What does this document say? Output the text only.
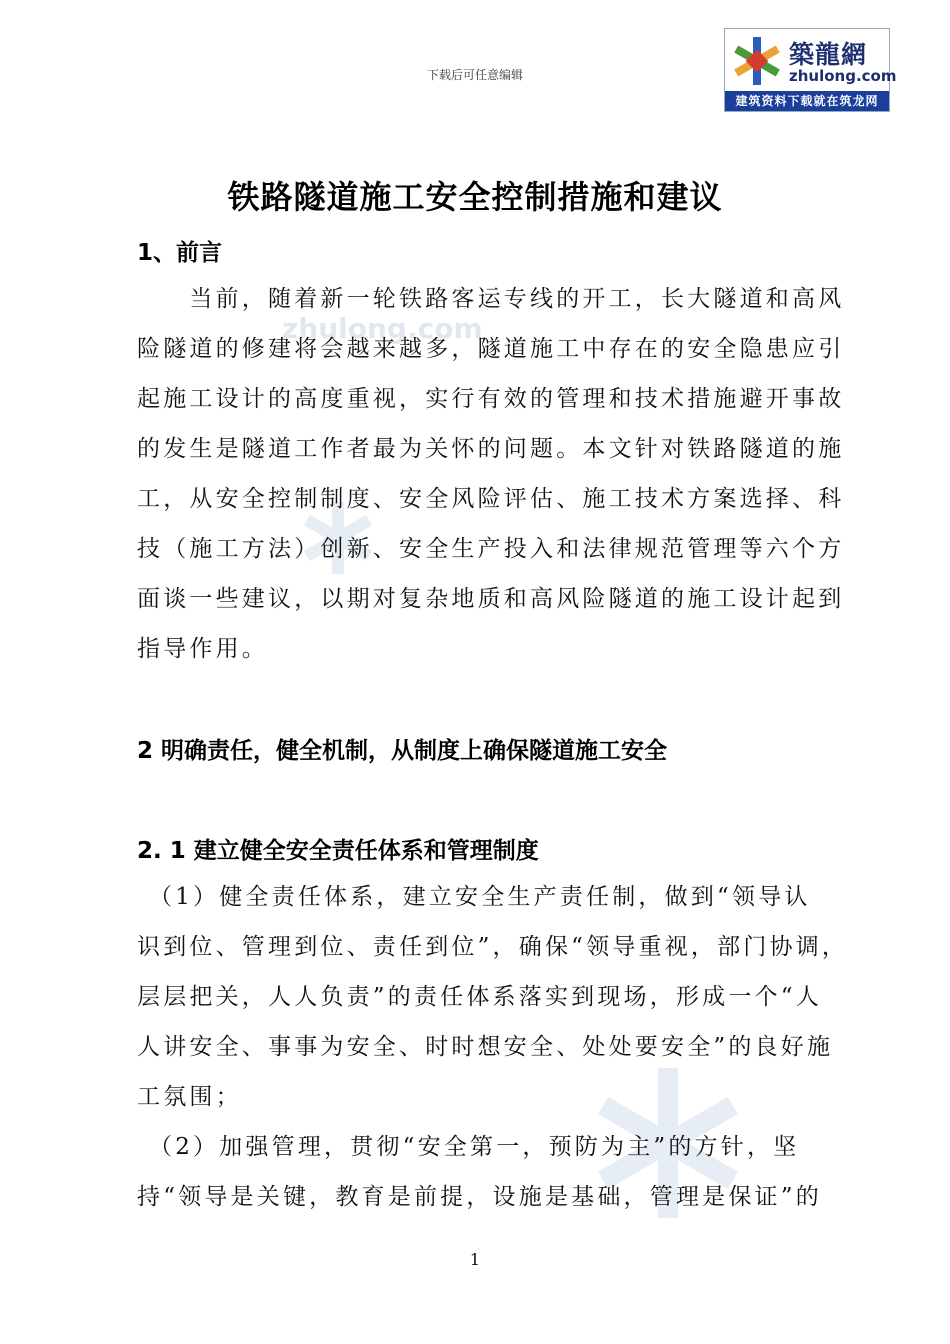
zhulong.com
下载后可任意编辑
築龍網
zhulong.com
建筑资料下载就在筑龙网
铁路隧道施工安全控制措施和建议
1、前言

　　当前，随着新一轮铁路客运专线的开工，长大隧道和高风

险隧道的修建将会越来越多，隧道施工中存在的安全隐患应引

起施工设计的高度重视，实行有效的管理和技术措施避开事故

的发生是隧道工作者最为关怀的问题。本文针对铁路隧道的施

工，从安全控制制度、安全风险评估、施工技术方案选择、科

技（施工方法）创新、安全生产投入和法律规范管理等六个方

面谈一些建议，以期对复杂地质和高风险隧道的施工设计起到

指导作用。

2 明确责任，健全机制，从制度上确保隧道施工安全
2. 1 建立健全安全责任体系和管理制度

（1）健全责任体系，建立安全生产责任制，做到“领导认

识到位、管理到位、责任到位”，确保“领导重视，部门协调，

层层把关，人人负责”的责任体系落实到现场，形成一个“人

人讲安全、事事为安全、时时想安全、处处要安全”的良好施

工氛围；

（2）加强管理，贯彻“安全第一，预防为主”的方针，坚

持“领导是关键，教育是前提，设施是基础，管理是保证”的

1
